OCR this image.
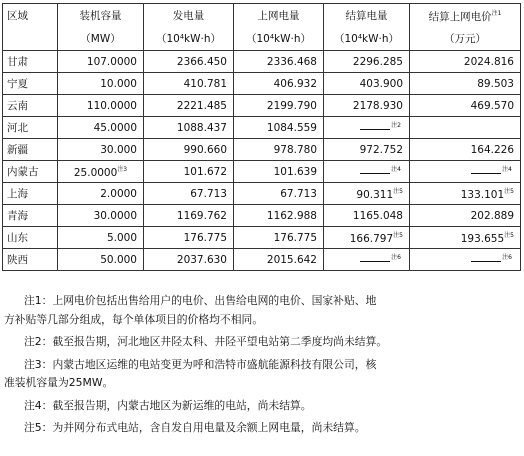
区域	装机容量	发电量	上网电量	结算电量	结算上网电价$^{注1}$
	（MW）	（10⁴kW·h）	（10⁴kW·h）	（10⁴kW·h）	（万元）
甘肃	107.0000	2366.450	2336.468	2296.285	2024.816
宁夏	10.000	410.781	406.932	403.900	89.503
云南	110.0000	2221.485	2199.790	2178.930	469.570
河北	45.0000	1088.437	1084.559	$^{注2}$	
新疆	30.000	990.660	978.780	972.752	164.226
内蒙古	25.0000$^{注3}$	101.672	101.639	$^{注4}$	$^{注4}$
上海	2.0000	67.713	67.713	90.311$^{注5}$	133.101$^{注5}$
青海	30.0000	1169.762	1162.988	1165.048	202.889
山东	5.000	176.775	176.775	166.797$^{注5}$	193.655$^{注5}$
陕西	50.000	2037.630	2015.642	$^{注6}$	$^{注6}$

注1：上网电价包括出售给用户的电价、出售给电网的电价、国家补贴、地

方补贴等几部分组成，每个单体项目的价格均不相同。

注2：截至报告期，河北地区井陉太科、井陉平望电站第二季度均尚未结算。

注3：内蒙古地区运维的电站变更为呼和浩特市盛航能源科技有限公司，核

准装机容量为25MW。

注4：截至报告期，内蒙古地区为新运维的电站，尚未结算。

注5：为并网分布式电站，含自发自用电量及余额上网电量，尚未结算。
